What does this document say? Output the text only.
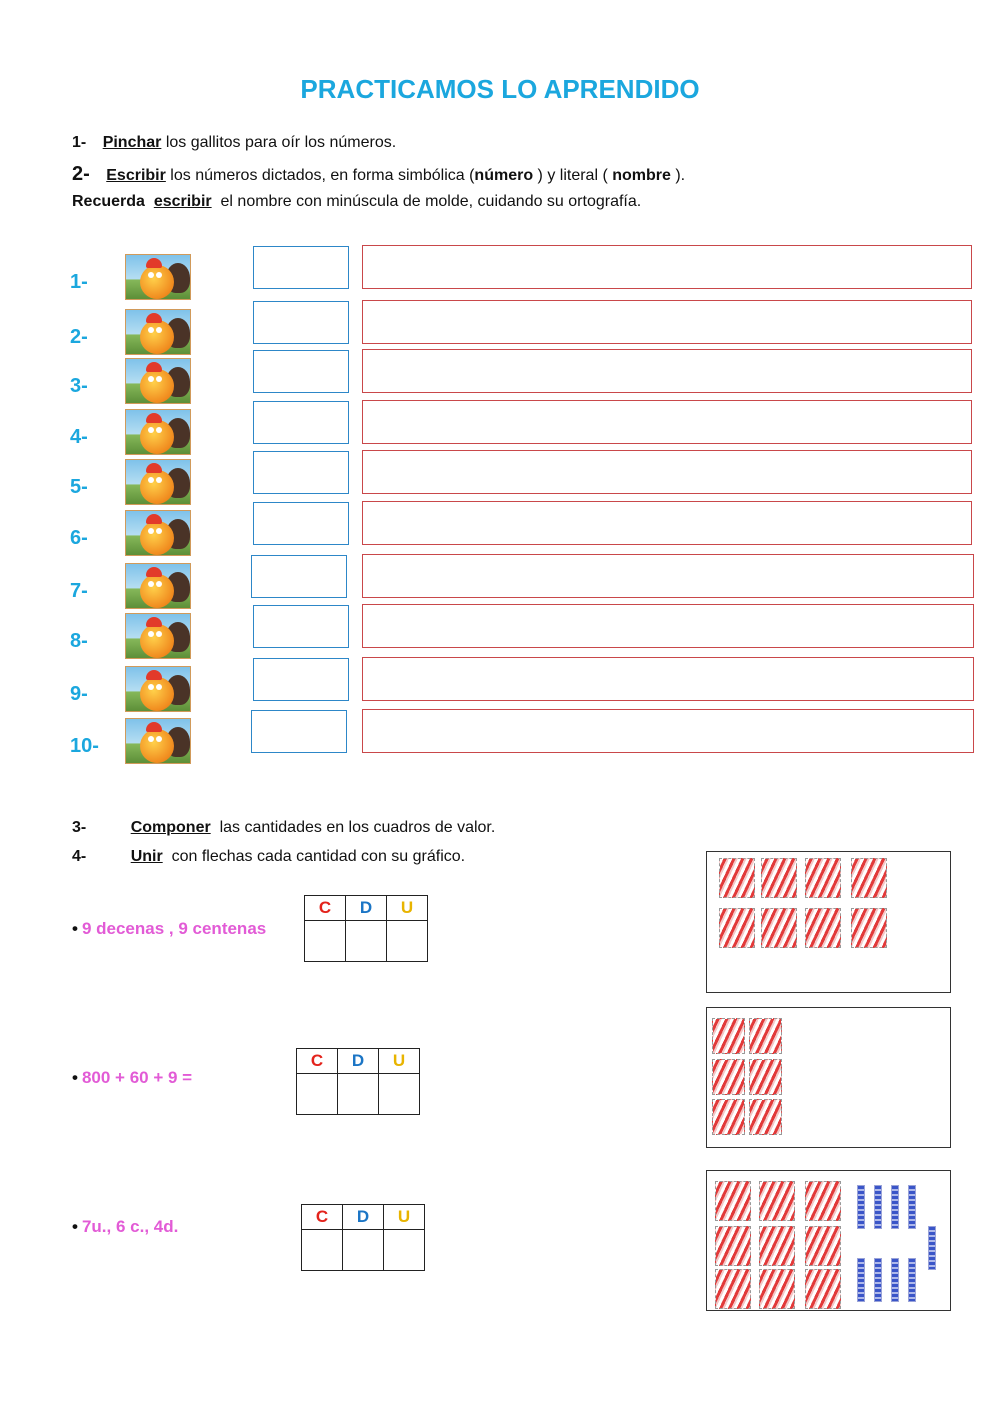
PRACTICAMOS LO APRENDIDO
1- Pinchar los gallitos para oír los números.
2- Escribir los números dictados, en forma simbólica (número ) y literal ( nombre ).
Recuerda escribir el nombre con minúscula de molde, cuidando su ortografía.
1-
2-
3-
4-
5-
6-
7-
8-
9-
10-
3-	Componer las cantidades en los cuadros de valor.
4-	Unir con flechas cada cantidad con su gráfico.
• 9 decenas , 9 centenas
• 800 + 60 + 9 =
• 7u., 6 c., 4d.
C	D	U

C	D	U

C	D	U
